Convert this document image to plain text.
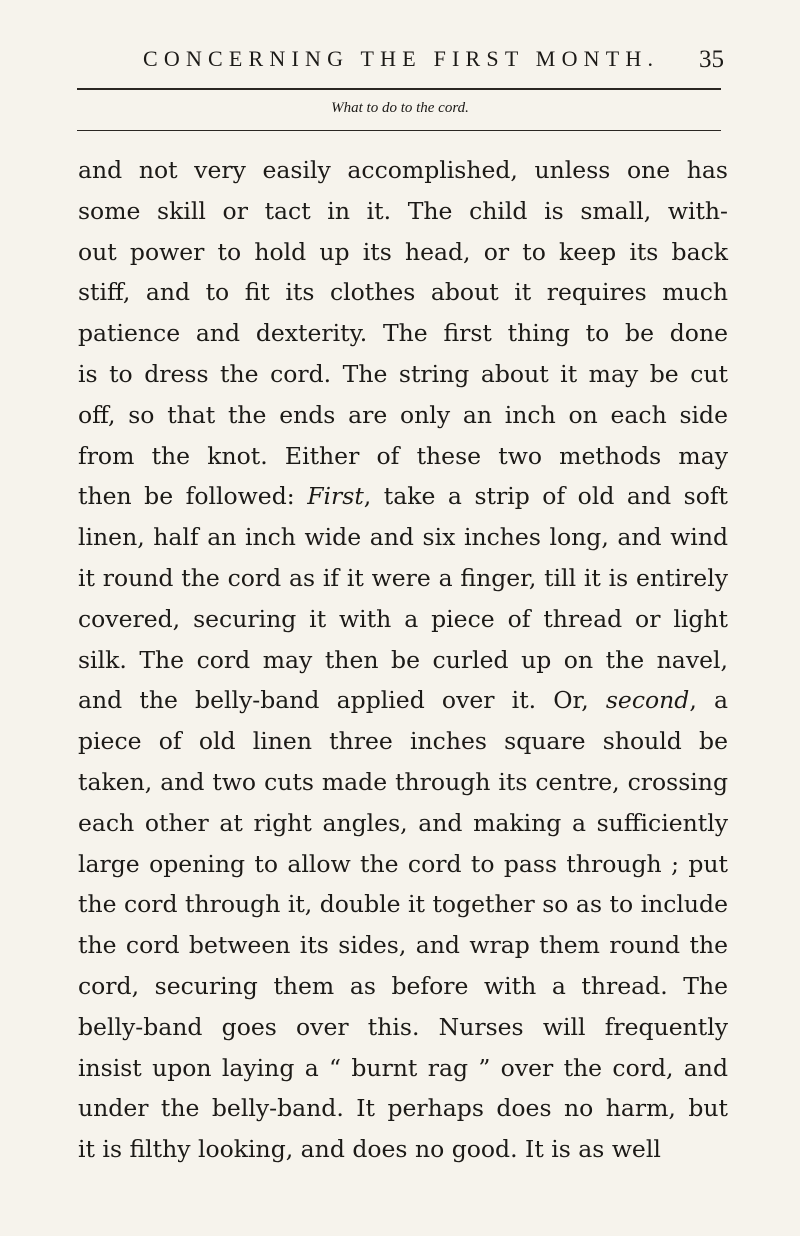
CONCERNING THE FIRST MONTH. 35
What to do to the cord.
and not very easily accomplished, unless one has
some skill or tact in it. The child is small, with-
out power to hold up its head, or to keep its back
stiff, and to fit its clothes about it requires much
patience and dexterity. The first thing to be done
is to dress the cord. The string about it may be cut
off, so that the ends are only an inch on each side
from the knot. Either of these two methods may
then be followed: First, take a strip of old and soft
linen, half an inch wide and six inches long, and wind
it round the cord as if it were a finger, till it is entirely
covered, securing it with a piece of thread or light
silk. The cord may then be curled up on the navel,
and the belly-band applied over it. Or, second, a
piece of old linen three inches square should be
taken, and two cuts made through its centre, crossing
each other at right angles, and making a sufficiently
large opening to allow the cord to pass through ; put
the cord through it, double it together so as to include
the cord between its sides, and wrap them round the
cord, securing them as before with a thread. The
belly-band goes over this. Nurses will frequently
insist upon laying a “ burnt rag ” over the cord, and
under the belly-band. It perhaps does no harm, but
it is filthy looking, and does no good. It is as well
